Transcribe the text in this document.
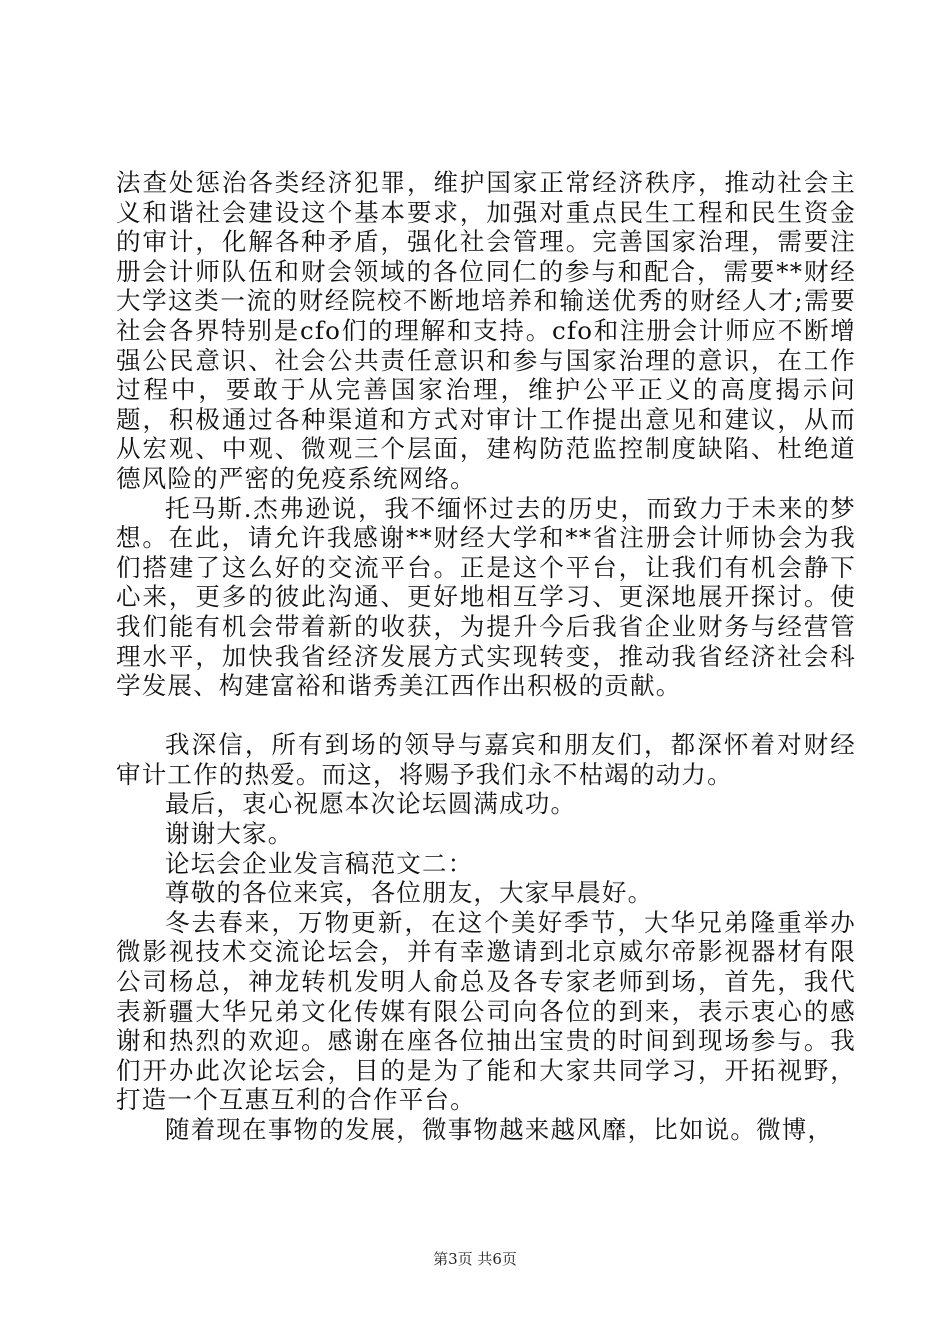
法查处惩治各类经济犯罪，维护国家正常经济秩序，推动社会主义和谐社会建设这个基本要求，加强对重点民生工程和民生资金的审计，化解各种矛盾，强化社会管理。完善国家治理，需要注册会计师队伍和财会领域的各位同仁的参与和配合，需要**财经大学这类一流的财经院校不断地培养和输送优秀的财经人才;需要社会各界特别是cfo们的理解和支持。cfo和注册会计师应不断增强公民意识、社会公共责任意识和参与国家治理的意识，在工作过程中，要敢于从完善国家治理，维护公平正义的高度揭示问题，积极通过各种渠道和方式对审计工作提出意见和建议，从而从宏观、中观、微观三个层面，建构防范监控制度缺陷、杜绝道德风险的严密的免疫系统网络。

托马斯.杰弗逊说，我不缅怀过去的历史，而致力于未来的梦想。在此，请允许我感谢**财经大学和**省注册会计师协会为我们搭建了这么好的交流平台。正是这个平台，让我们有机会静下心来，更多的彼此沟通、更好地相互学习、更深地展开探讨。使我们能有机会带着新的收获，为提升今后我省企业财务与经营管理水平，加快我省经济发展方式实现转变，推动我省经济社会科学发展、构建富裕和谐秀美江西作出积极的贡献。

我深信，所有到场的领导与嘉宾和朋友们，都深怀着对财经审计工作的热爱。而这，将赐予我们永不枯竭的动力。

最后，衷心祝愿本次论坛圆满成功。

谢谢大家。

论坛会企业发言稿范文二：

尊敬的各位来宾，各位朋友，大家早晨好。

冬去春来，万物更新，在这个美好季节，大华兄弟隆重举办微影视技术交流论坛会，并有幸邀请到北京威尔帝影视器材有限公司杨总，神龙转机发明人俞总及各专家老师到场，首先，我代表新疆大华兄弟文化传媒有限公司向各位的到来，表示衷心的感谢和热烈的欢迎。感谢在座各位抽出宝贵的时间到现场参与。我们开办此次论坛会，目的是为了能和大家共同学习，开拓视野，打造一个互惠互利的合作平台。

随着现在事物的发展，微事物越来越风靡，比如说。微博，

第3页 共6页
